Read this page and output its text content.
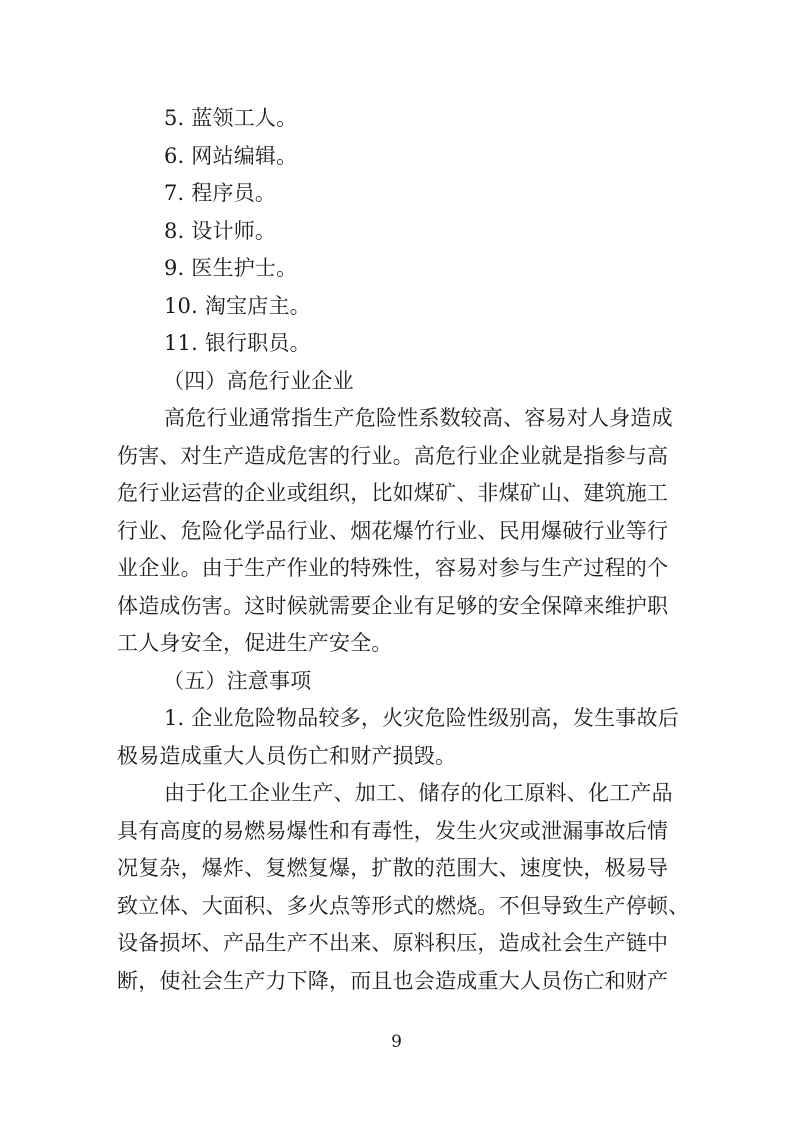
5. 蓝领工人。
6. 网站编辑。
7. 程序员。
8. 设计师。
9. 医生护士。
10. 淘宝店主。
11. 银行职员。
（四）高危行业企业
高危行业通常指生产危险性系数较高、容易对人身造成
伤害、对生产造成危害的行业。高危行业企业就是指参与高
危行业运营的企业或组织，比如煤矿、非煤矿山、建筑施工
行业、危险化学品行业、烟花爆竹行业、民用爆破行业等行
业企业。由于生产作业的特殊性，容易对参与生产过程的个
体造成伤害。这时候就需要企业有足够的安全保障来维护职
工人身安全，促进生产安全。
（五）注意事项
1. 企业危险物品较多，火灾危险性级别高，发生事故后
极易造成重大人员伤亡和财产损毁。
由于化工企业生产、加工、储存的化工原料、化工产品
具有高度的易燃易爆性和有毒性，发生火灾或泄漏事故后情
况复杂，爆炸、复燃复爆，扩散的范围大、速度快，极易导
致立体、大面积、多火点等形式的燃烧。不但导致生产停顿、
设备损坏、产品生产不出来、原料积压，造成社会生产链中
断，使社会生产力下降，而且也会造成重大人员伤亡和财产
9
